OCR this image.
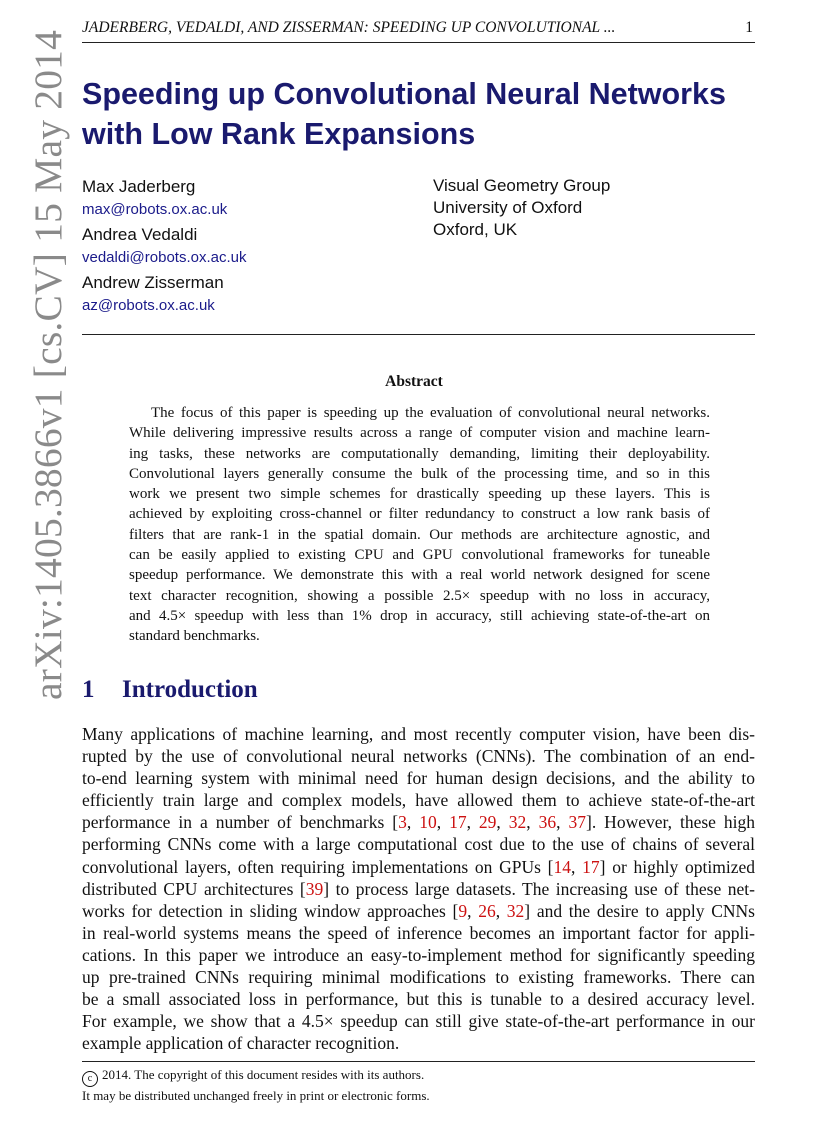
JADERBERG, VEDALDI, AND ZISSERMAN: SPEEDING UP CONVOLUTIONAL ...	1
arXiv:1405.3866v1 [cs.CV] 15 May 2014 Speeding up Convolutional Neural Networks
with Low Rank Expansions
Max Jaderberg
max@robots.ox.ac.uk
Andrea Vedaldi
vedaldi@robots.ox.ac.uk
Andrew Zisserman
az@robots.ox.ac.uk
Visual Geometry Group
University of Oxford
Oxford, UK
Abstract
The focus of this paper is speeding up the evaluation of convolutional neural networks.
While delivering impressive results across a range of computer vision and machine learn-
ing tasks, these networks are computationally demanding, limiting their deployability.
Convolutional layers generally consume the bulk of the processing time, and so in this
work we present two simple schemes for drastically speeding up these layers. This is
achieved by exploiting cross-channel or filter redundancy to construct a low rank basis of
filters that are rank-1 in the spatial domain. Our methods are architecture agnostic, and
can be easily applied to existing CPU and GPU convolutional frameworks for tuneable
speedup performance. We demonstrate this with a real world network designed for scene
text character recognition, showing a possible 2.5× speedup with no loss in accuracy,
and 4.5× speedup with less than 1% drop in accuracy, still achieving state-of-the-art on
standard benchmarks.
1 Introduction
Many applications of machine learning, and most recently computer vision, have been dis-
rupted by the use of convolutional neural networks (CNNs). The combination of an end-
to-end learning system with minimal need for human design decisions, and the ability to
efficiently train large and complex models, have allowed them to achieve state-of-the-art
performance in a number of benchmarks [3, 10, 17, 29, 32, 36, 37]. However, these high
performing CNNs come with a large computational cost due to the use of chains of several
convolutional layers, often requiring implementations on GPUs [14, 17] or highly optimized
distributed CPU architectures [39] to process large datasets. The increasing use of these net-
works for detection in sliding window approaches [9, 26, 32] and the desire to apply CNNs
in real-world systems means the speed of inference becomes an important factor for appli-
cations. In this paper we introduce an easy-to-implement method for significantly speeding
up pre-trained CNNs requiring minimal modifications to existing frameworks. There can
be a small associated loss in performance, but this is tunable to a desired accuracy level.
For example, we show that a 4.5× speedup can still give state-of-the-art performance in our
example application of character recognition.
c 2014. The copyright of this document resides with its authors.
It may be distributed unchanged freely in print or electronic forms.
